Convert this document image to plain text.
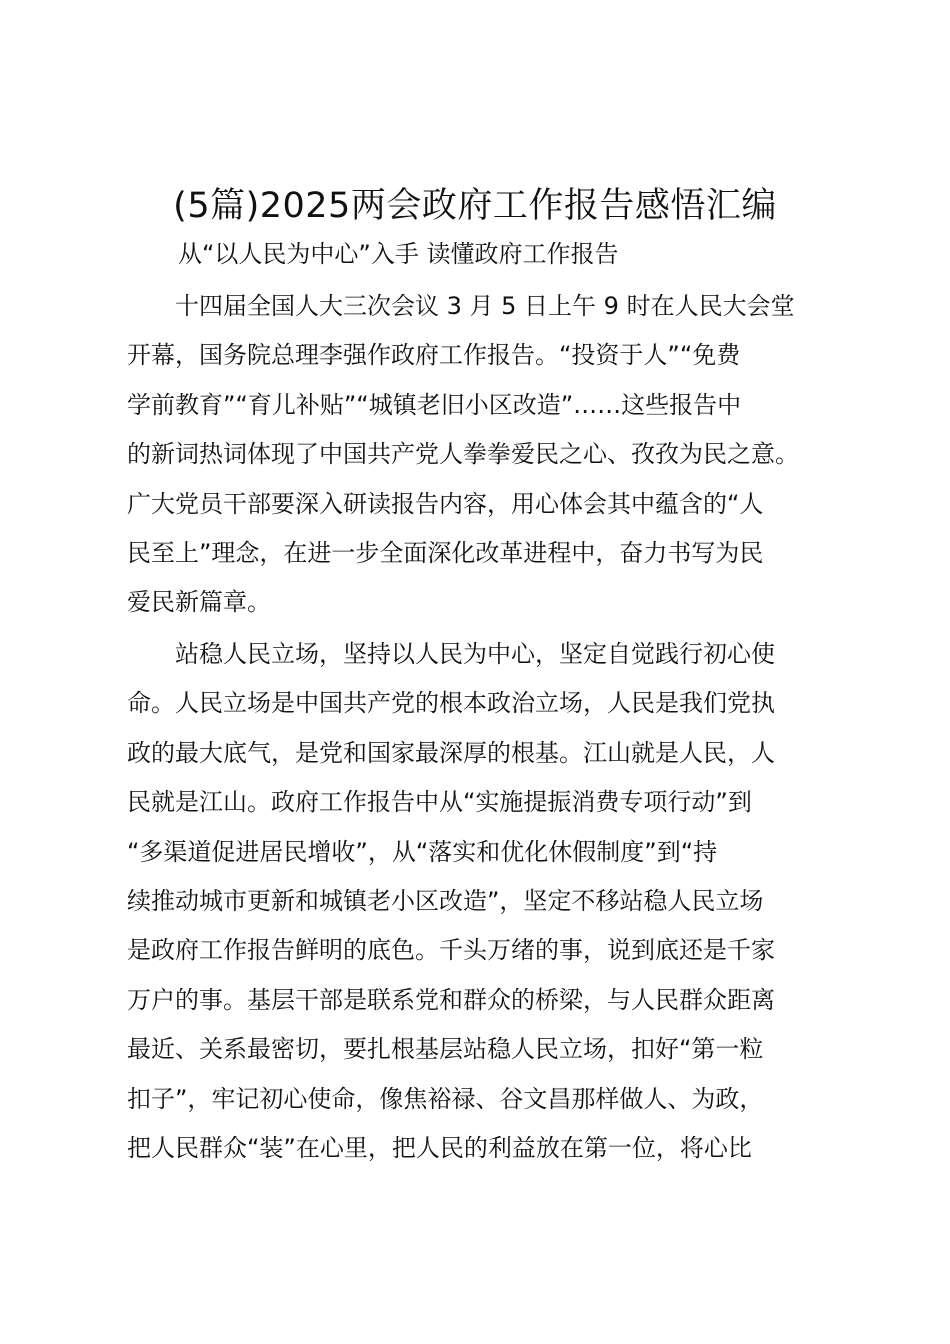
(5篇)2025两会政府工作报告感悟汇编

从“以人民为中心”入手 读懂政府工作报告

十四届全国人大三次会议 3 月 5 日上午 9 时在人民大会堂
开幕，国务院总理李强作政府工作报告。“投资于人”“免费
学前教育”“育儿补贴”“城镇老旧小区改造”……这些报告中
的新词热词体现了中国共产党人拳拳爱民之心、孜孜为民之意。
广大党员干部要深入研读报告内容，用心体会其中蕴含的“人
民至上”理念，在进一步全面深化改革进程中，奋力书写为民
爱民新篇章。

站稳人民立场，坚持以人民为中心，坚定自觉践行初心使
命。人民立场是中国共产党的根本政治立场，人民是我们党执
政的最大底气，是党和国家最深厚的根基。江山就是人民，人
民就是江山。政府工作报告中从“实施提振消费专项行动”到
“多渠道促进居民增收”，从“落实和优化休假制度”到“持
续推动城市更新和城镇老小区改造”，坚定不移站稳人民立场
是政府工作报告鲜明的底色。千头万绪的事，说到底还是千家
万户的事。基层干部是联系党和群众的桥梁，与人民群众距离
最近、关系最密切，要扎根基层站稳人民立场，扣好“第一粒
扣子”，牢记初心使命，像焦裕禄、谷文昌那样做人、为政，
把人民群众“装”在心里，把人民的利益放在第一位，将心比
